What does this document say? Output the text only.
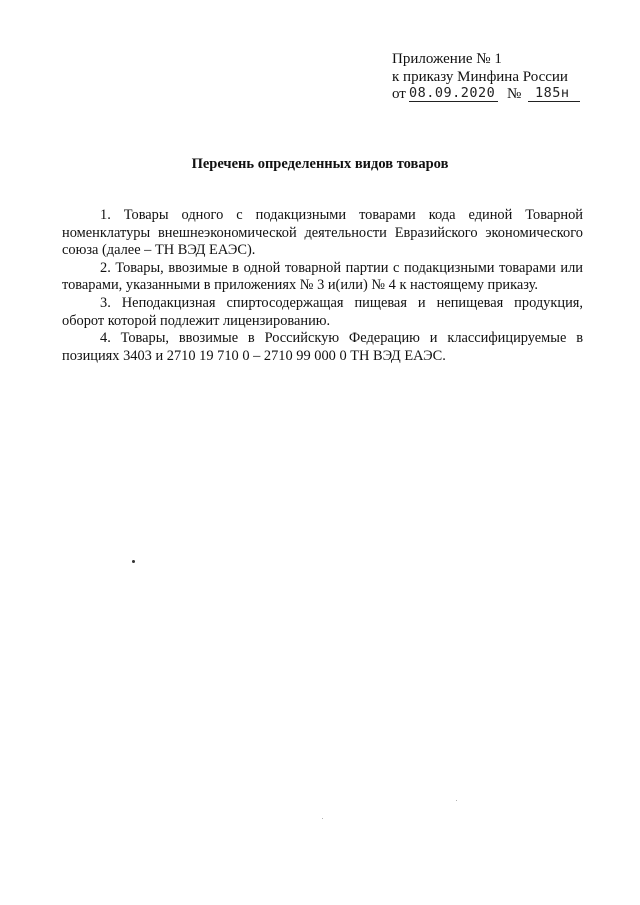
Приложение № 1
к приказу Минфина России
от 08.09.2020 № 185н
Перечень определенных видов товаров

1. Товары одного с подакцизными товарами кода единой Товарной номенклатуры внешнеэкономической деятельности Евразийского экономического союза (далее – ТН ВЭД ЕАЭС).

2. Товары, ввозимые в одной товарной партии с подакцизными товарами или товарами, указанными в приложениях № 3 и(или) № 4 к настоящему приказу.

3. Неподакцизная спиртосодержащая пищевая и непищевая продукция, оборот которой подлежит лицензированию.

4. Товары, ввозимые в Российскую Федерацию и классифицируемые в позициях 3403 и 2710 19 710 0 – 2710 99 000 0 ТН ВЭД ЕАЭС.
